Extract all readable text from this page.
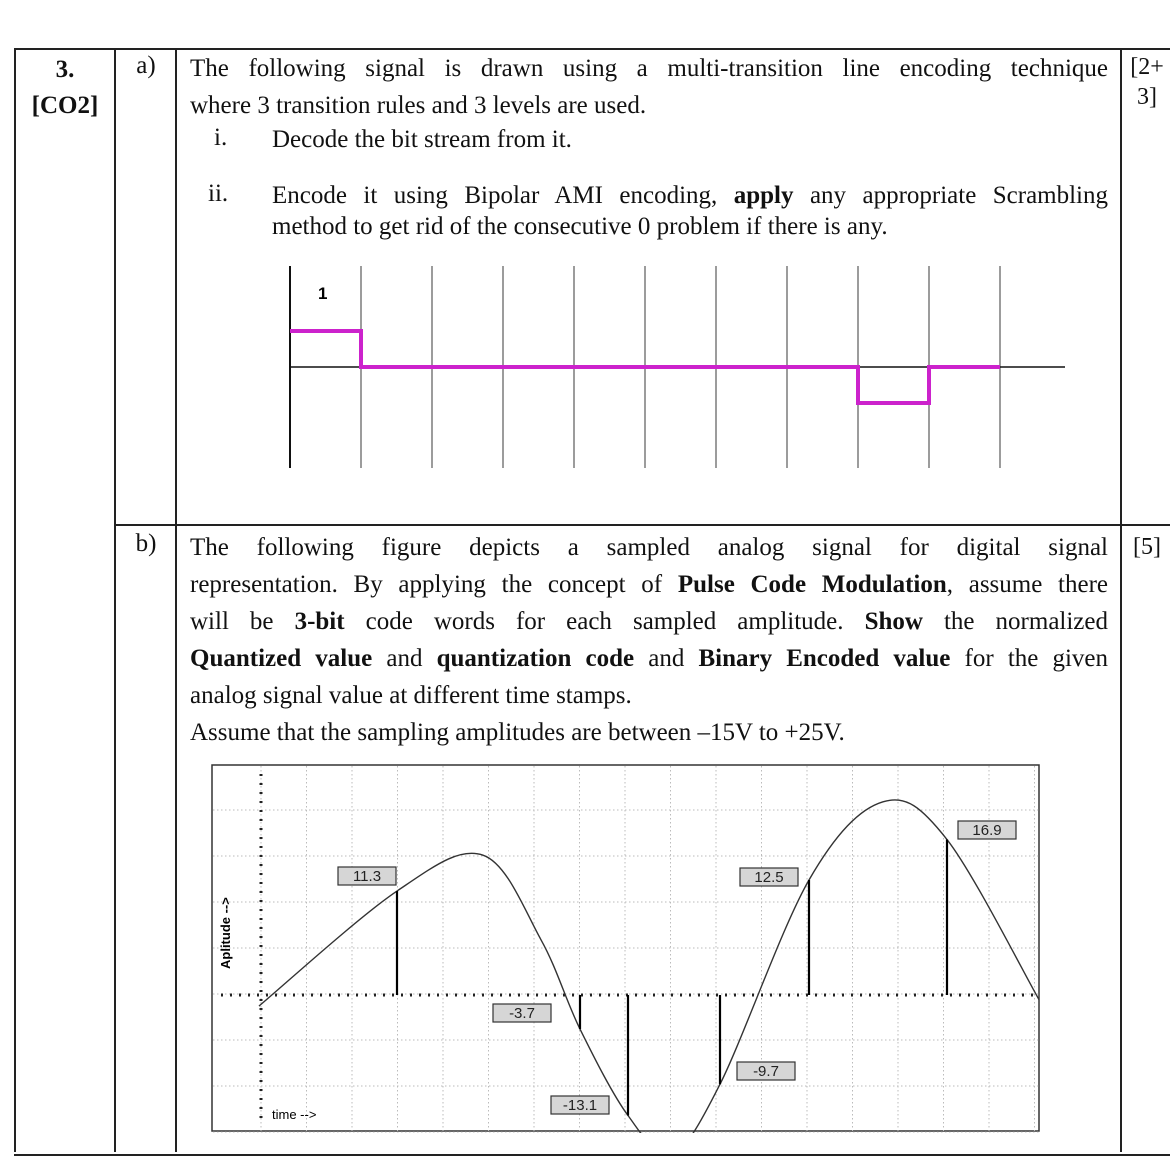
3.
[CO2]
a)	[2+
3]
The following signal is drawn using a multi-transition line encoding technique
where 3 transition rules and 3 levels are used.
i. Decode the bit stream from it.
ii. Encode it using Bipolar AMI encoding, apply any appropriate Scrambling
method to get rid of the consecutive 0 problem if there is any.
1
b)	[5]
The following figure depicts a sampled analog signal for digital signal
representation. By applying the concept of Pulse Code Modulation, assume there
will be 3-bit code words for each sampled amplitude. Show the normalized
Quantized value and quantization code and Binary Encoded value for the given
analog signal value at different time stamps.
Assume that the sampling amplitudes are between –15V to +25V.
11.3
-3.7
-13.1
-9.7
12.5
16.9
time -->
Aplitude -->
